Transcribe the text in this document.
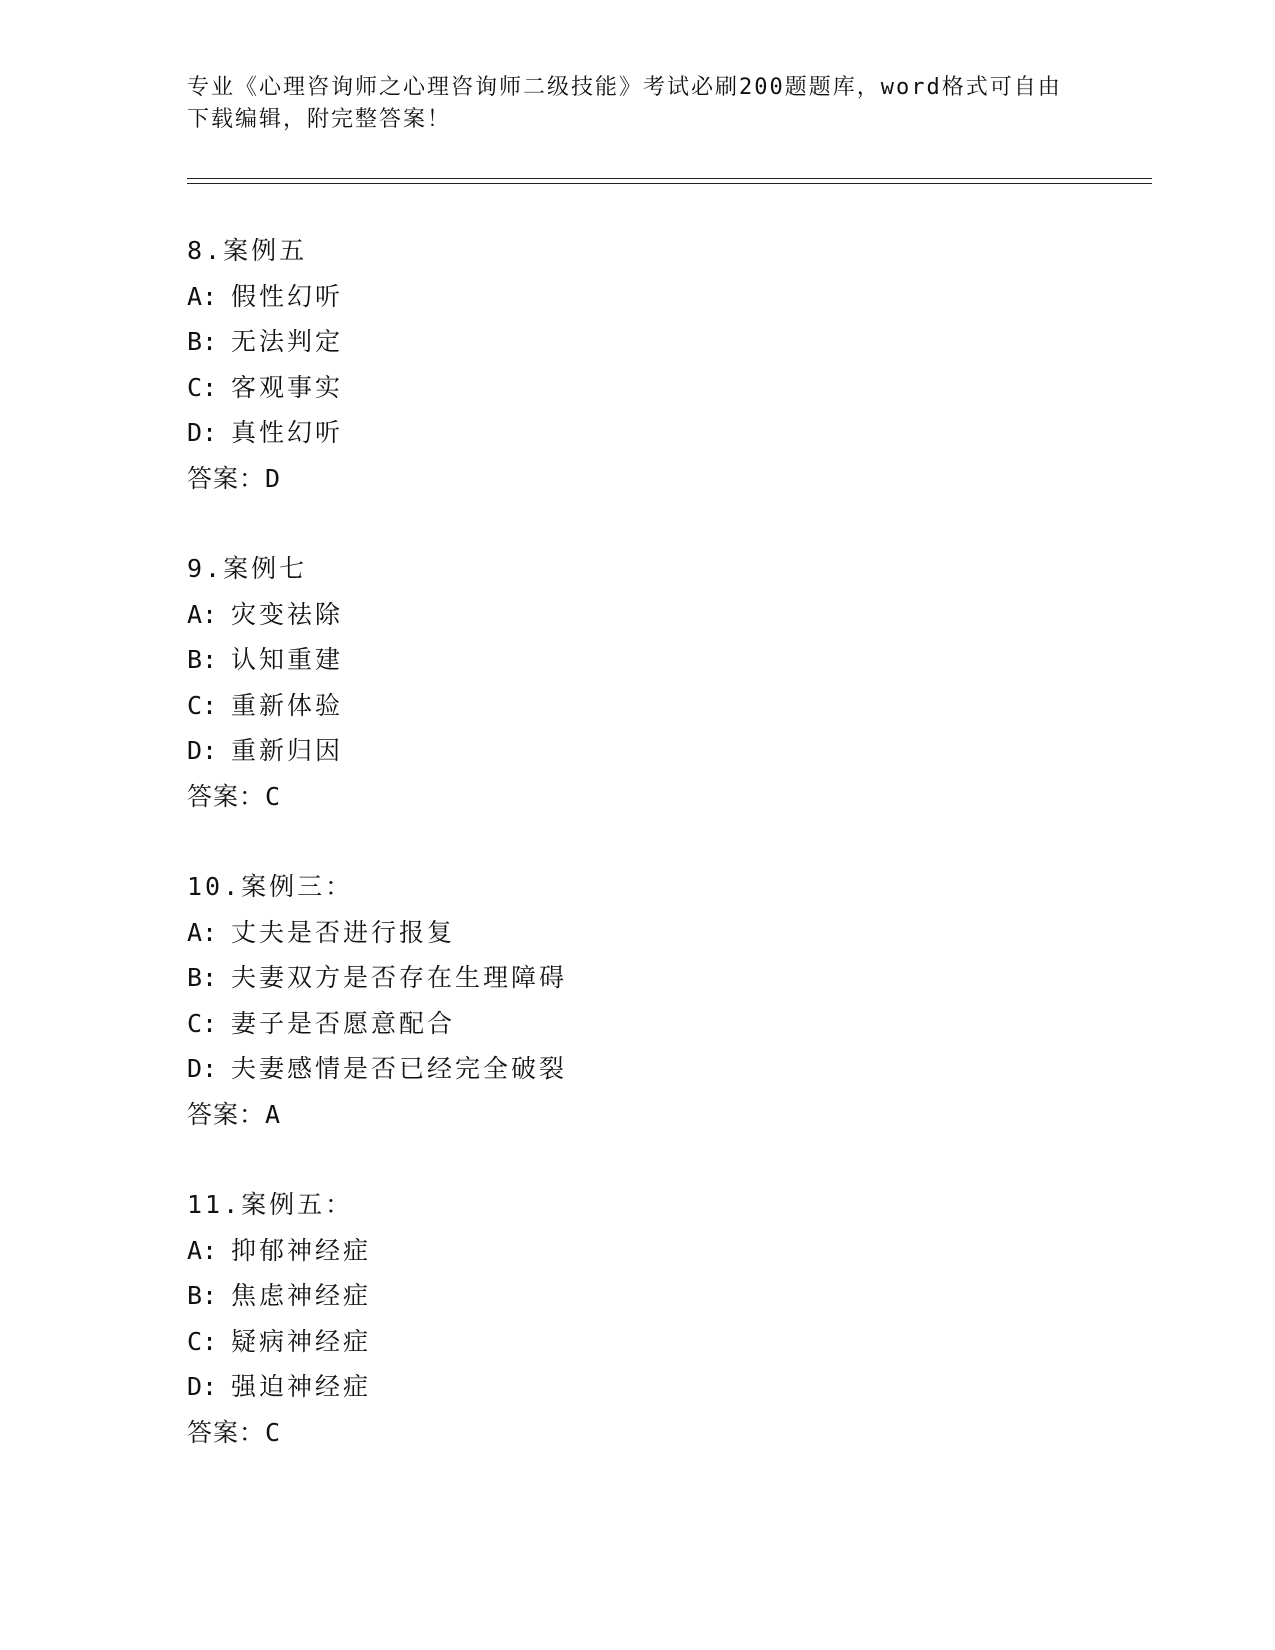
专业《心理咨询师之心理咨询师二级技能》考试必刷200题题库，word格式可自由下载编辑，附完整答案！
8.案例五
A: 假性幻听
B: 无法判定
C: 客观事实
D: 真性幻听
答案：D
9.案例七
A: 灾变祛除
B: 认知重建
C: 重新体验
D: 重新归因
答案：C
10.案例三：
A: 丈夫是否进行报复
B: 夫妻双方是否存在生理障碍
C: 妻子是否愿意配合
D: 夫妻感情是否已经完全破裂
答案：A
11.案例五：
A: 抑郁神经症
B: 焦虑神经症
C: 疑病神经症
D: 强迫神经症
答案：C
